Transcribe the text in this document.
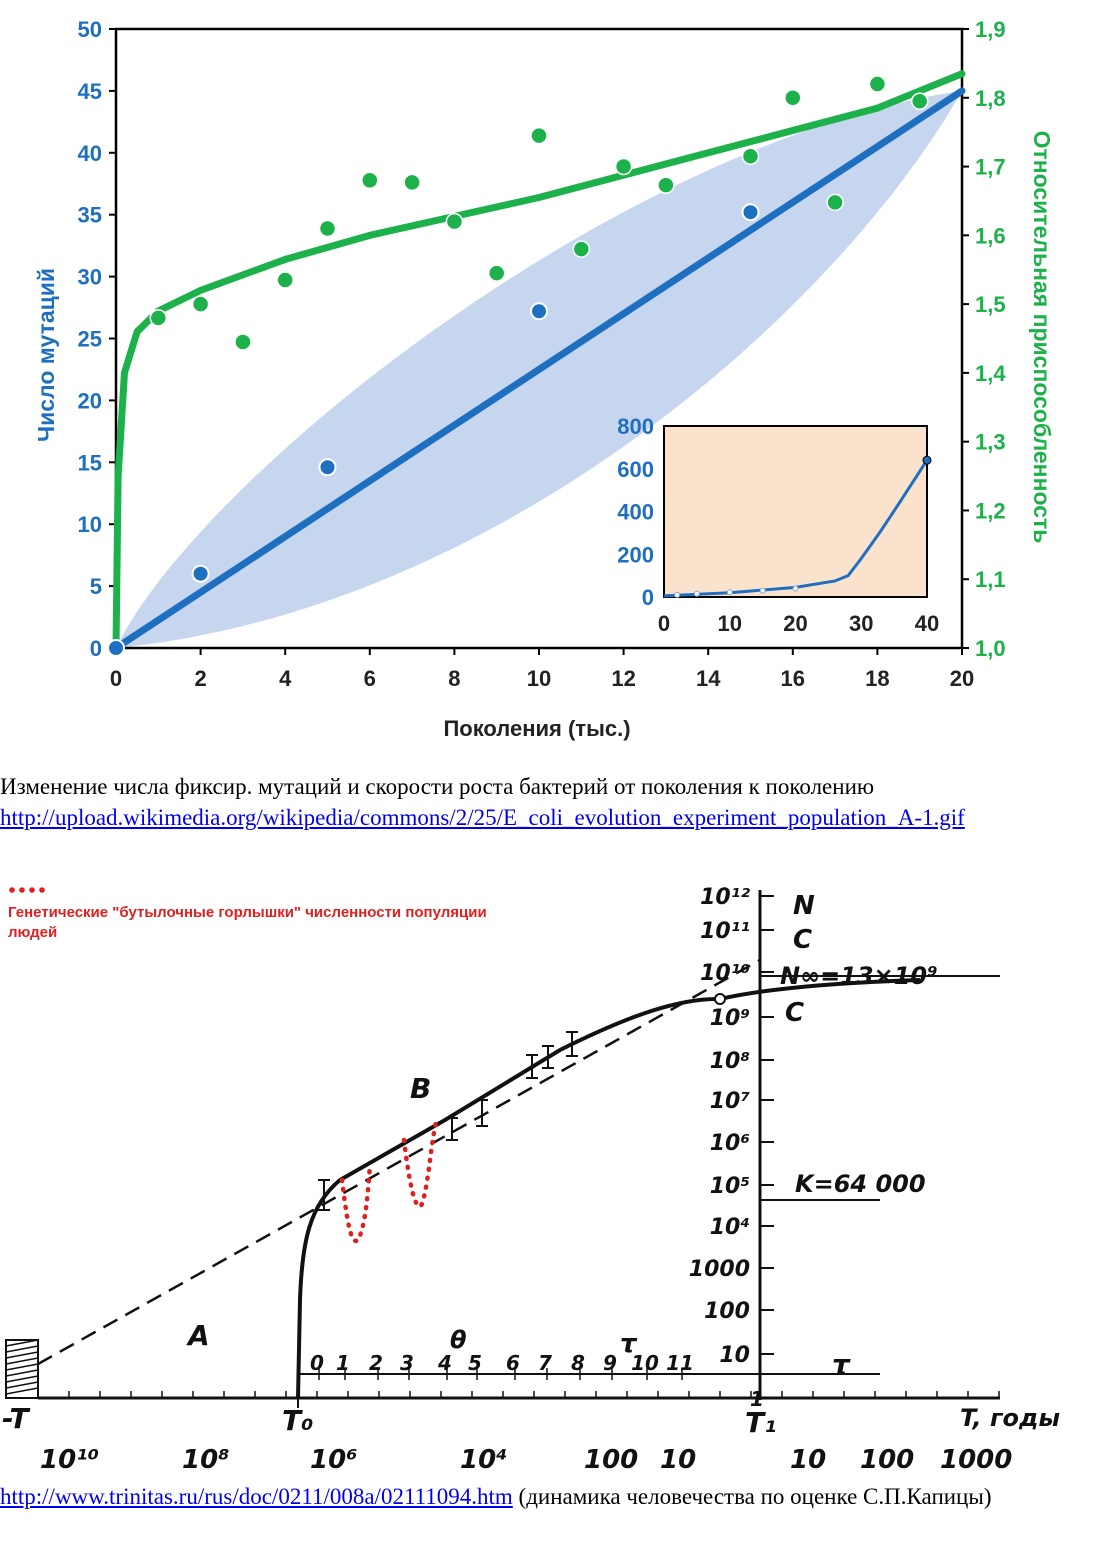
0	2	4	6	8	10	12	14	16	18	20
0
5
10
15
20
25
30
35
40
45
50
1,0
1,1
1,2
1,3
1,4
1,5
1,6
1,7
1,8
1,9
0
200
400
600
800
0 10 20 30 40
Поколения (тыс.)
Число мутаций	Относительная приспособленность
Изменение числа фиксир. мутаций и скорости роста бактерий от поколения к поколению
http://upload.wikimedia.org/wikipedia/commons/2/25/E_coli_evolution_experiment_population_A-1.gif
0 1 2 3 4 5 6 7 8 9 10 11
τ
τ
10
100
1000
10⁴
10⁵
10⁶
10⁷
10⁸
10⁹
10¹⁰
10¹¹
10¹² N
C
C
N∞=13×10⁹
K=64 000
1
B
A	θ
-T	T₀	T₁	T, годы
10¹⁰	10⁸	10⁶	10⁴	100 10	10 100 1000
Генетические "бутылочные горлышки" численности популяции людей
http://www.trinitas.ru/rus/doc/0211/008a/02111094.htm (динамика человечества по оценке С.П.Капицы)
